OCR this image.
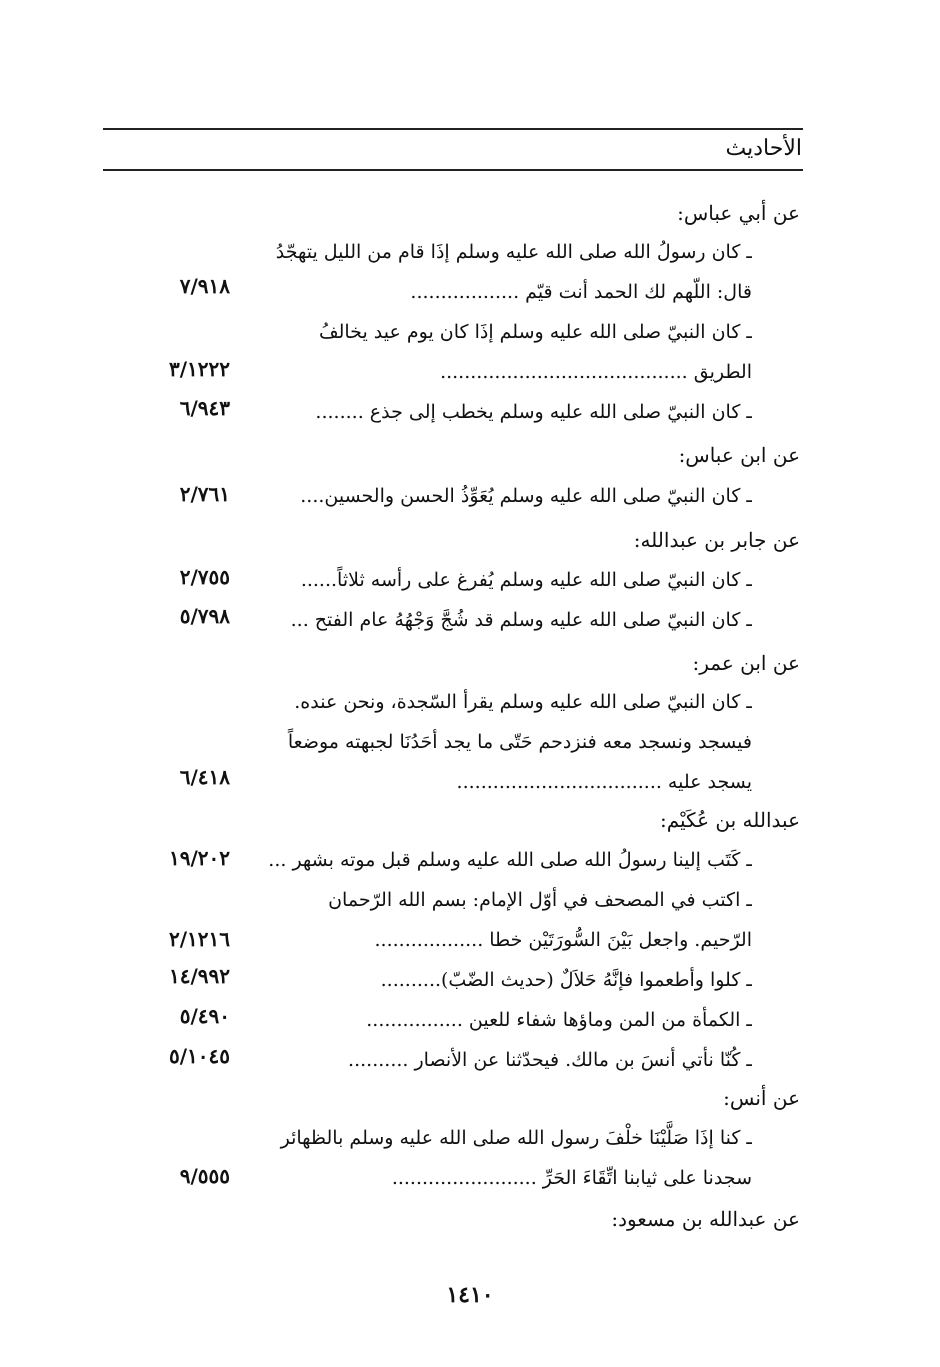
الأحاديث
عن أبي عباس:
عن ابن عباس:
عن جابر بن عبدالله:
عن ابن عمر:
عبدالله بن عُكَيْم:
عن أنس:
عن عبدالله بن مسعود:
ـ كان رسولُ الله صلى الله عليه وسلم إذَا قام من الليل يتهجّدُ
قال: اللّهم لك الحمد أنت قيّم ..................
٧/٩١٨
ـ كان النبيّ صلى الله عليه وسلم إذَا كان يوم عيد يخالفُ
الطريق .........................................
٣/١٢٢٢
ـ كان النبيّ صلى الله عليه وسلم يخطب إلى جذع ........
٦/٩٤٣
ـ كان النبيّ صلى الله عليه وسلم يُعَوِّذُ الحسن والحسين....
٢/٧٦١
ـ كان النبيّ صلى الله عليه وسلم يُفرغ على رأسه ثلاثاً......
٢/٧٥٥
ـ كان النبيّ صلى الله عليه وسلم قد شُجَّ وَجْهُهُ عام الفتح ...
٥/٧٩٨
ـ كان النبيّ صلى الله عليه وسلم يقرأ السّجدة، ونحن عنده.
فيسجد ونسجد معه فنزدحم حَتّى ما يجد أحَدُنَا لجبهته موضعاً
يسجد عليه ..................................
٦/٤١٨
ـ كَتَب إلينا رسولُ الله صلى الله عليه وسلم قبل موته بشهر ...
١٩/٢٠٢
ـ اكتب في المصحف في أوّل الإمام: بسم الله الرّحمان
الرّحيم. واجعل بَيْنَ السُّورَتَيْن خطا ..................
٢/١٢١٦
ـ كلوا وأطعموا فإنَّهُ حَلاَلٌ (حديث الضّبّ)..........
١٤/٩٩٢
ـ الكمأة من المن وماؤها شفاء للعين ................
٥/٤٩٠
ـ كُنّا نأتي أنسَ بن مالك. فيحدّثنا عن الأنصار ..........
٥/١٠٤٥
ـ كنا إذَا صَلَّيْنَا خلْفَ رسول الله صلى الله عليه وسلم بالظهائر
سجدنا على ثيابنا اتِّقَاءَ الحَرِّ ........................
٩/٥٥٥
١٤١٠
